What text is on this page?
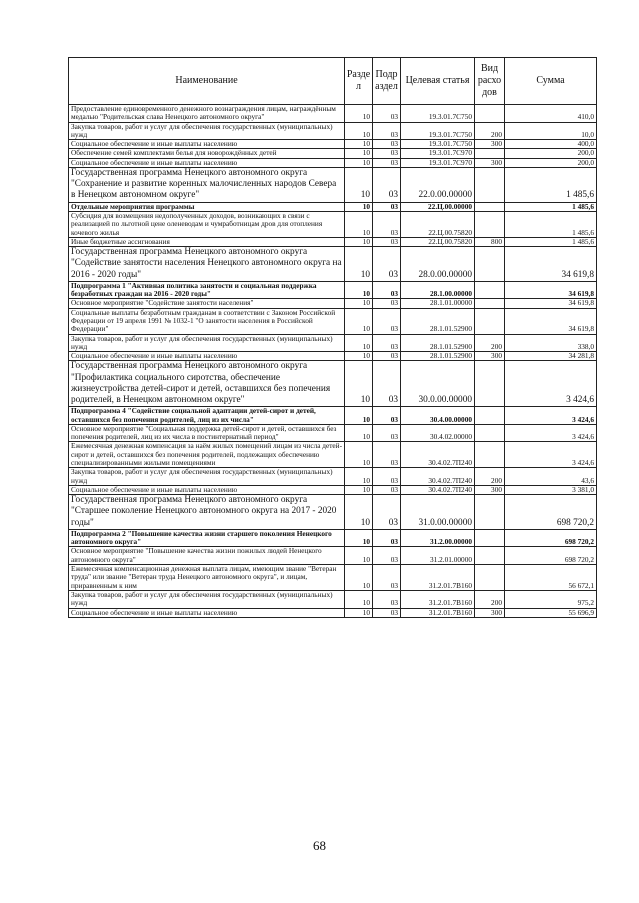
Наименование	Разде л	Подр аздел	Целевая статья	Вид расхо дов	Сумма
Предоставление единовременного денежного вознаграждения лицам, награждённым медалью "Родительская слава Ненецкого автономного округа"	10	03	19.3.01.7С750		410,0
Закупка товаров, работ и услуг для обеспечения государственных (муниципальных) нужд	10	03	19.3.01.7С750	200	10,0
Социальное обеспечение и иные выплаты населению	10	03	19.3.01.7С750	300	400,0
Обеспечение семей комплектами белья для новорождённых детей	10	03	19.3.01.7С970		200,0
Социальное обеспечение и иные выплаты населению	10	03	19.3.01.7С970	300	200,0
Государственная программа Ненецкого автономного округа "Сохранение и развитие коренных малочисленных народов Севера в Ненецком автономном округе"	10	03	22.0.00.00000		1 485,6
Отдельные мероприятия программы	10	03	22.Ц.00.00000		1 485,6
Субсидия для возмещения недополученных доходов, возникающих в связи с реализацией по льготной цене оленеводам и чумработницам дров для отопления кочевого жилья	10	03	22.Ц.00.75820		1 485,6
Иные бюджетные ассигнования	10	03	22.Ц.00.75820	800	1 485,6
Государственная программа Ненецкого автономного округа "Содействие занятости населения Ненецкого автономного округа на 2016 - 2020 годы"	10	03	28.0.00.00000		34 619,8
Подпрограмма 1 "Активная политика занятости и социальная поддержка безработных граждан на 2016 - 2020 годы"	10	03	28.1.00.00000		34 619,8
Основное мероприятие "Содействие занятости населения"	10	03	28.1.01.00000		34 619,8
Социальные выплаты безработным гражданам в соответствии с Законом Российской Федерации от 19 апреля 1991 № 1032-1 "О занятости населения в Российской Федерации"	10	03	28.1.01.52900		34 619,8
Закупка товаров, работ и услуг для обеспечения государственных (муниципальных) нужд	10	03	28.1.01.52900	200	338,0
Социальное обеспечение и иные выплаты населению	10	03	28.1.01.52900	300	34 281,8
Государственная программа Ненецкого автономного округа "Профилактика социального сиротства, обеспечение жизнеустройства детей-сирот и детей, оставшихся без попечения родителей, в Ненецком автономном округе"	10	03	30.0.00.00000		3 424,6
Подпрограмма 4 "Содействие социальной адаптации детей-сирот и детей, оставшихся без попечения родителей, лиц из их числа"	10	03	30.4.00.00000		3 424,6
Основное мероприятие "Социальная поддержка детей-сирот и детей, оставшихся без попечения родителей, лиц из их числа в постинтернатный период"	10	03	30.4.02.00000		3 424,6
Ежемесячная денежная компенсация за наём жилых помещений лицам из числа детей-сирот и детей, оставшихся без попечения родителей, подлежащих обеспечению специализированными жилыми помещениями	10	03	30.4.02.7П240		3 424,6
Закупка товаров, работ и услуг для обеспечения государственных (муниципальных) нужд	10	03	30.4.02.7П240	200	43,6
Социальное обеспечение и иные выплаты населению	10	03	30.4.02.7П240	300	3 381,0
Государственная программа Ненецкого автономного округа "Старшее поколение Ненецкого автономного округа на 2017 - 2020 годы"	10	03	31.0.00.00000		698 720,2
Подпрограмма 2 "Повышение качества жизни старшего поколения Ненецкого автономного округа"	10	03	31.2.00.00000		698 720,2
Основное мероприятие "Повышение качества жизни пожилых людей Ненецкого автономного округа"	10	03	31.2.01.00000		698 720,2
Ежемесячная компенсационная денежная выплата лицам, имеющим звание "Ветеран труда" или звание "Ветеран труда Ненецкого автономного округа", и лицам, приравненным к ним	10	03	31.2.01.7В160		56 672,1
Закупка товаров, работ и услуг для обеспечения государственных (муниципальных) нужд	10	03	31.2.01.7В160	200	975,2
Социальное обеспечение и иные выплаты населению	10	03	31.2.01.7В160	300	55 696,9
68
